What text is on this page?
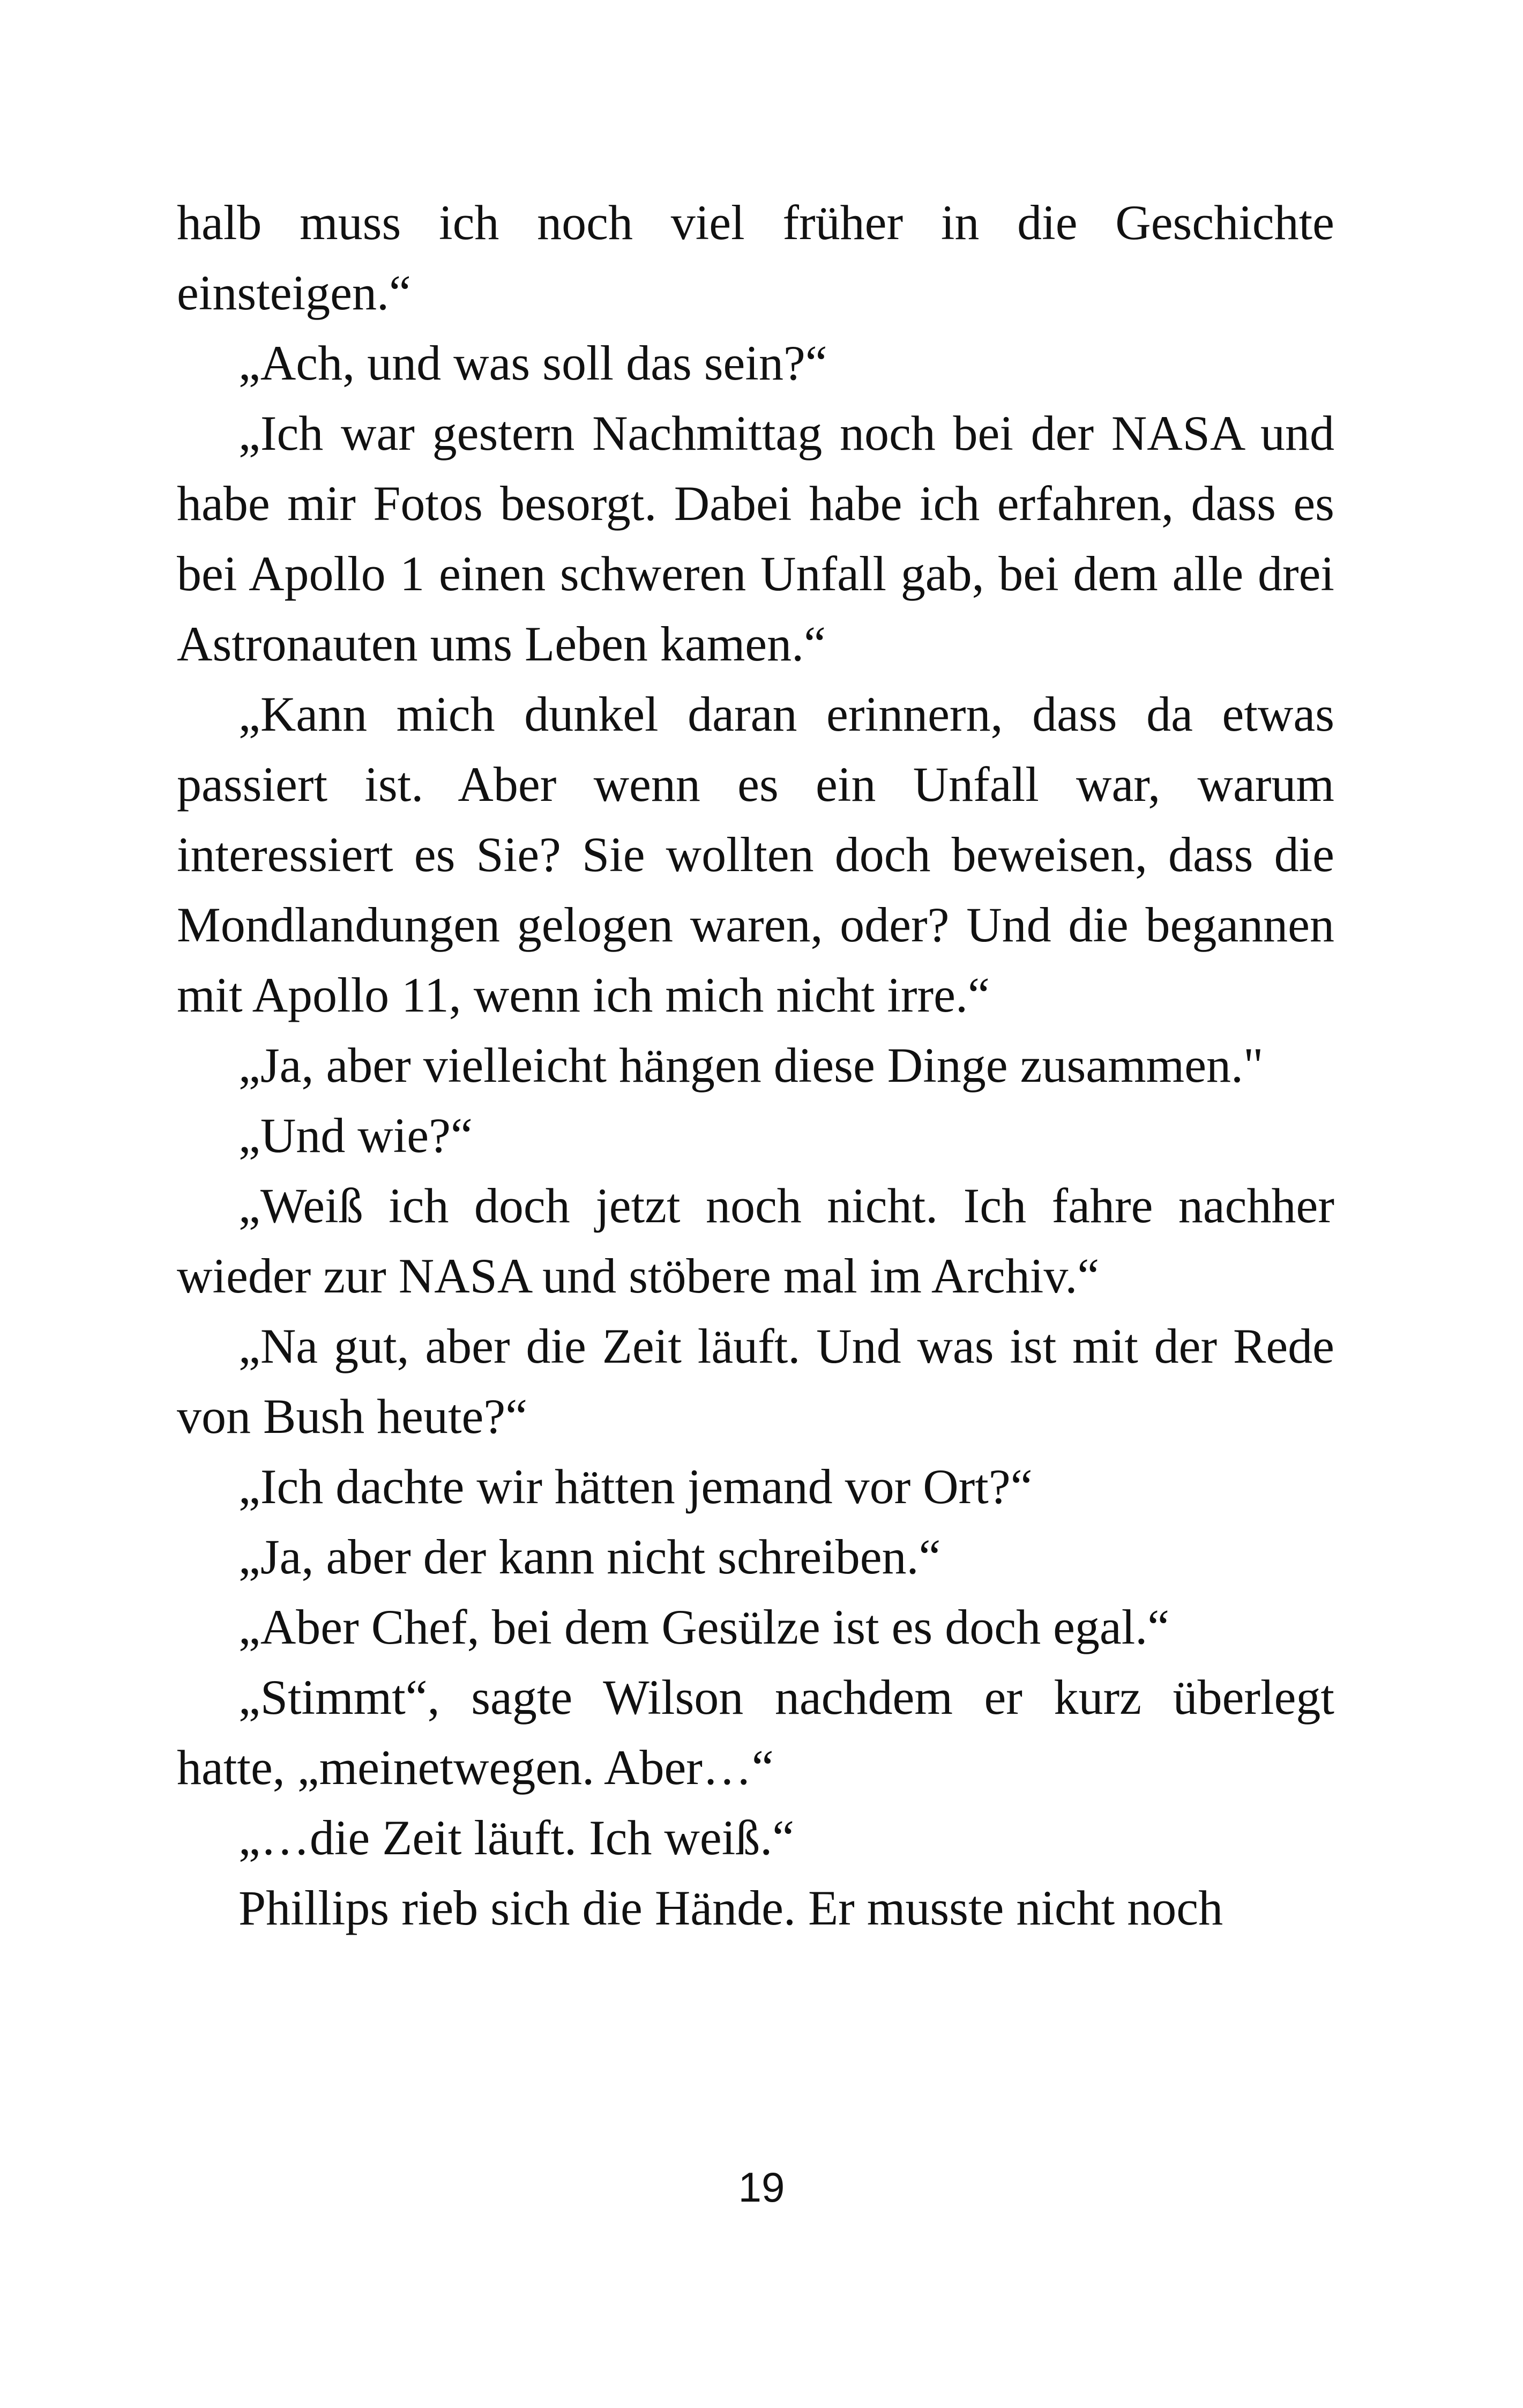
halb muss ich noch viel früher in die Geschichte einsteigen.“

„Ach, und was soll das sein?“

„Ich war gestern Nachmittag noch bei der NASA und habe mir Fotos besorgt. Dabei habe ich erfahren, dass es bei Apollo 1 einen schweren Unfall gab, bei dem alle drei Astronauten ums Leben kamen.“

„Kann mich dunkel daran erinnern, dass da etwas passiert ist. Aber wenn es ein Unfall war, warum interessiert es Sie? Sie wollten doch beweisen, dass die Mondlandungen gelogen waren, oder? Und die begannen mit Apollo 11, wenn ich mich nicht irre.“

„Ja, aber vielleicht hängen diese Dinge zusammen."

„Und wie?“

„Weiß ich doch jetzt noch nicht. Ich fahre nachher wieder zur NASA und stöbere mal im Archiv.“

„Na gut, aber die Zeit läuft. Und was ist mit der Rede von Bush heute?“

„Ich dachte wir hätten jemand vor Ort?“

„Ja, aber der kann nicht schreiben.“

„Aber Chef, bei dem Gesülze ist es doch egal.“

„Stimmt“, sagte Wilson nachdem er kurz überlegt hatte, „meinetwegen. Aber…“

„…die Zeit läuft. Ich weiß.“

Phillips rieb sich die Hände. Er musste nicht noch

19
